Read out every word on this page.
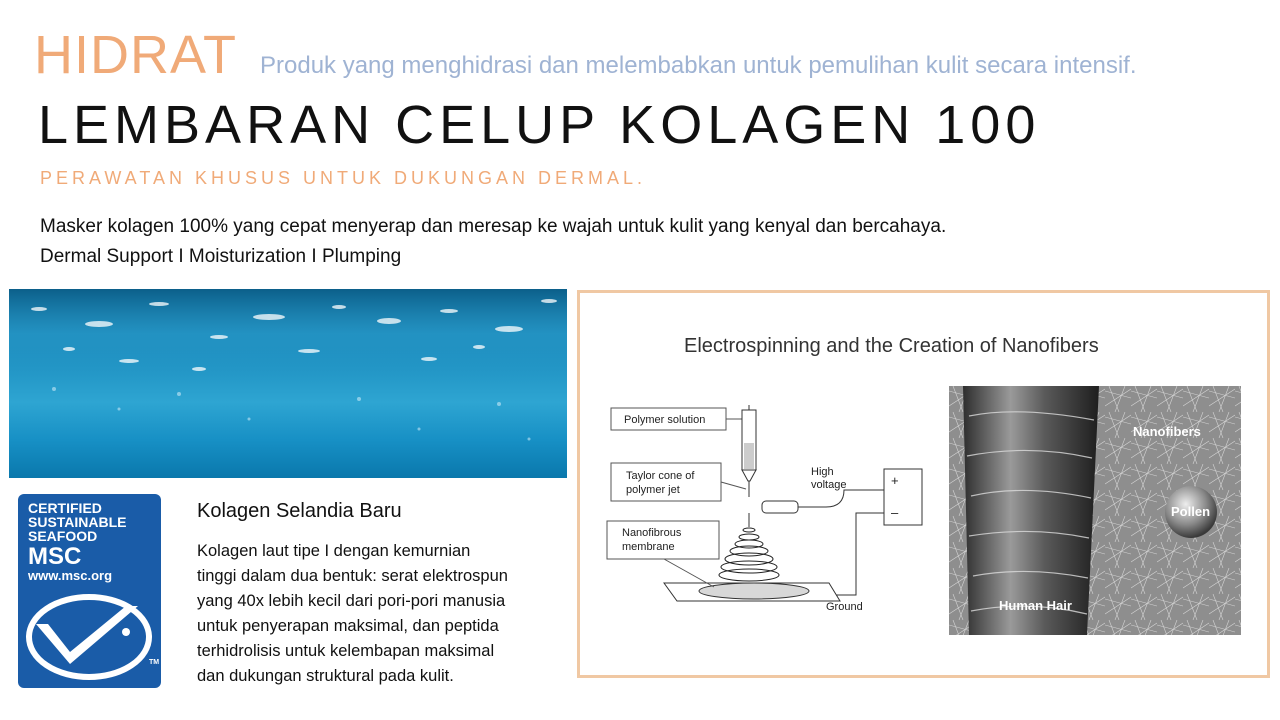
HIDRAT Produk yang menghidrasi dan melembabkan untuk pemulihan kulit secara intensif.
LEMBARAN CELUP KOLAGEN 100
PERAWATAN KHUSUS UNTUK DUKUNGAN DERMAL.
Masker kolagen 100% yang cepat menyerap dan meresap ke wajah untuk kulit yang kenyal dan bercahaya.
Dermal Support I Moisturization I Plumping
CERTIFIED
SUSTAINABLE
SEAFOOD
MSC
www.msc.org
TM
Kolagen Selandia Baru
Kolagen laut tipe I dengan kemurnian
tinggi dalam dua bentuk: serat elektrospun
yang 40x lebih kecil dari pori-pori manusia
untuk penyerapan maksimal, dan peptida
terhidrolisis untuk kelembapan maksimal
dan dukungan struktural pada kulit.
Electrospinning and the Creation of Nanofibers
Polymer solution
Taylor cone of
polymer jet
High
voltage	+
–
Nanofibrous
membrane
Ground
Nanofibers
Pollen
Human Hair
